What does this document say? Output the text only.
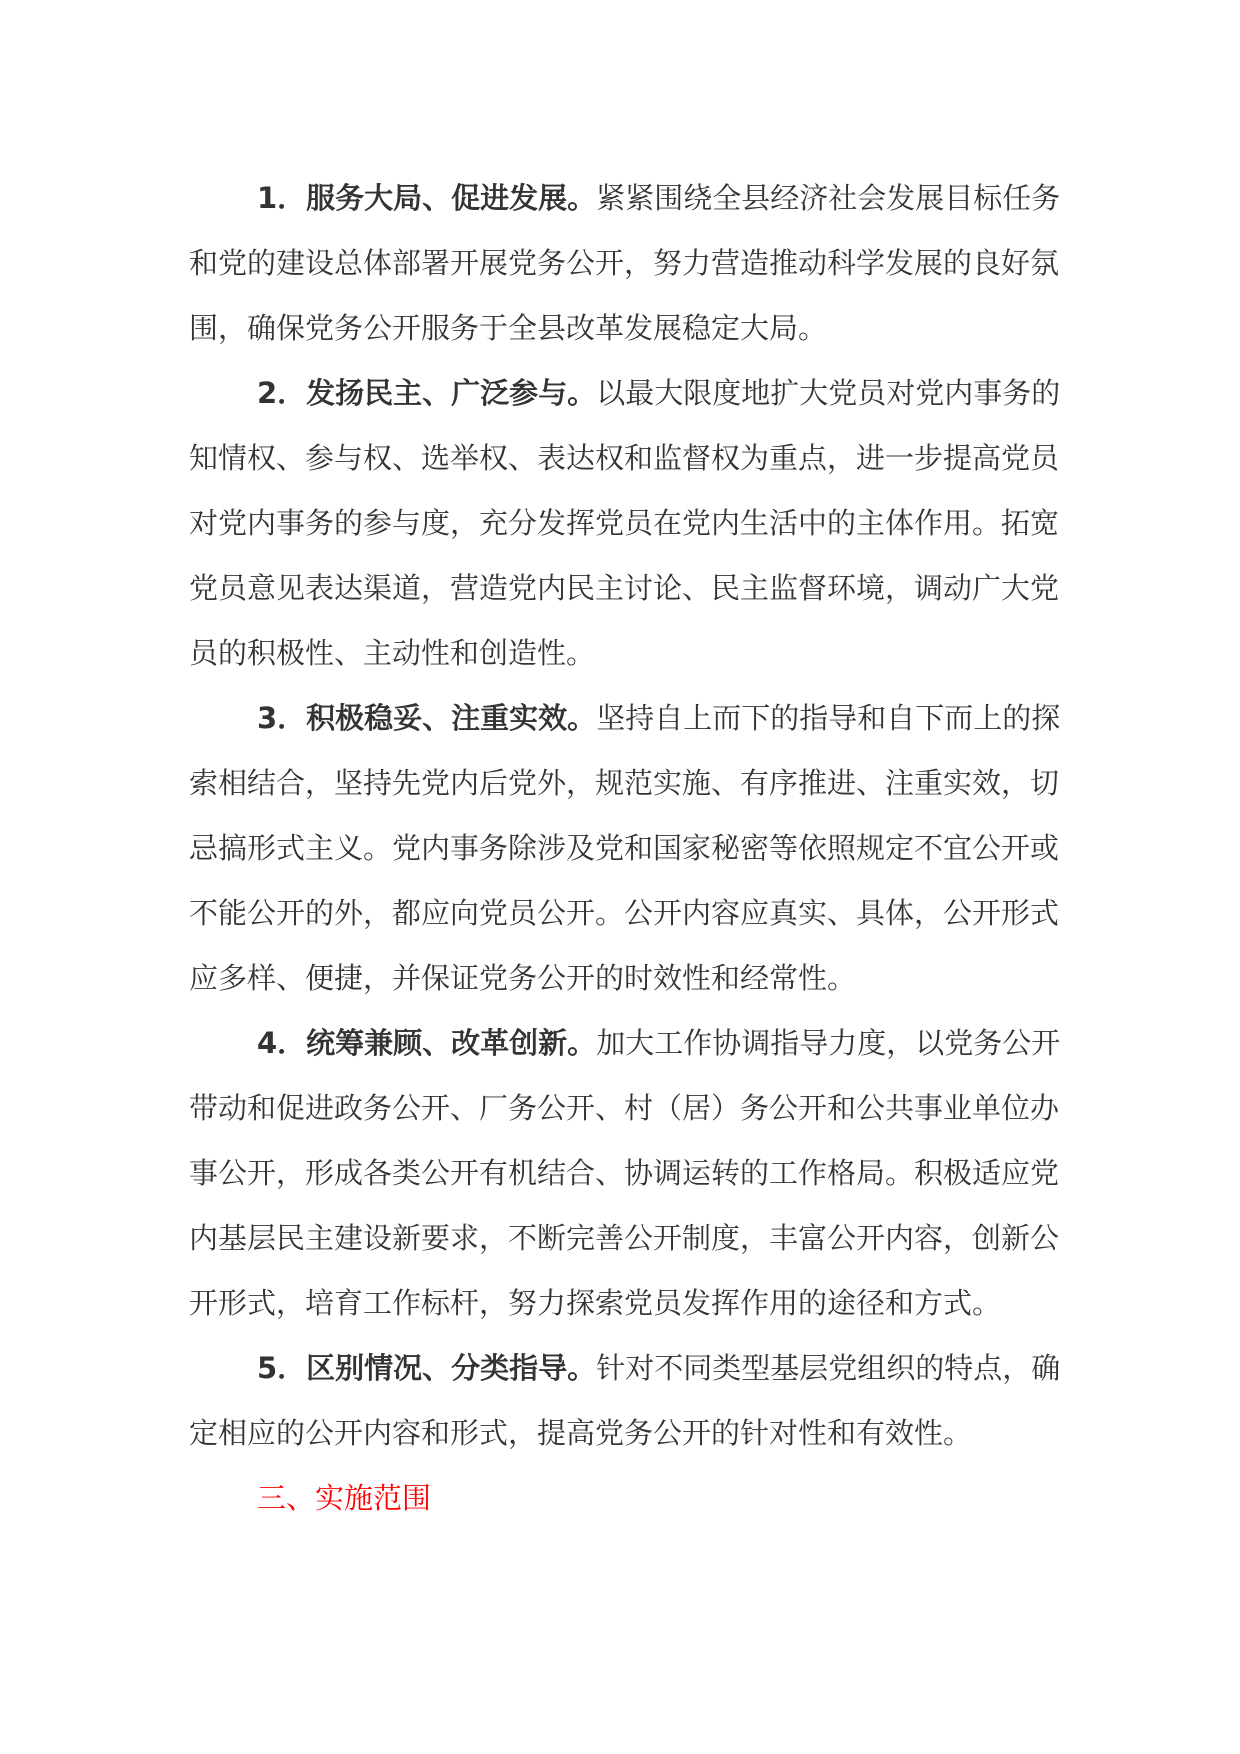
1．服务大局、促进发展。紧紧围绕全县经济社会发展目标任务和党的建设总体部署开展党务公开，努力营造推动科学发展的良好氛围，确保党务公开服务于全县改革发展稳定大局。

2．发扬民主、广泛参与。以最大限度地扩大党员对党内事务的知情权、参与权、选举权、表达权和监督权为重点，进一步提高党员对党内事务的参与度，充分发挥党员在党内生活中的主体作用。拓宽党员意见表达渠道，营造党内民主讨论、民主监督环境，调动广大党员的积极性、主动性和创造性。

3．积极稳妥、注重实效。坚持自上而下的指导和自下而上的探索相结合，坚持先党内后党外，规范实施、有序推进、注重实效，切忌搞形式主义。党内事务除涉及党和国家秘密等依照规定不宜公开或不能公开的外，都应向党员公开。公开内容应真实、具体，公开形式应多样、便捷，并保证党务公开的时效性和经常性。

4．统筹兼顾、改革创新。加大工作协调指导力度，以党务公开带动和促进政务公开、厂务公开、村（居）务公开和公共事业单位办事公开，形成各类公开有机结合、协调运转的工作格局。积极适应党内基层民主建设新要求，不断完善公开制度，丰富公开内容，创新公开形式，培育工作标杆，努力探索党员发挥作用的途径和方式。

5．区别情况、分类指导。针对不同类型基层党组织的特点，确定相应的公开内容和形式，提高党务公开的针对性和有效性。

三、实施范围
